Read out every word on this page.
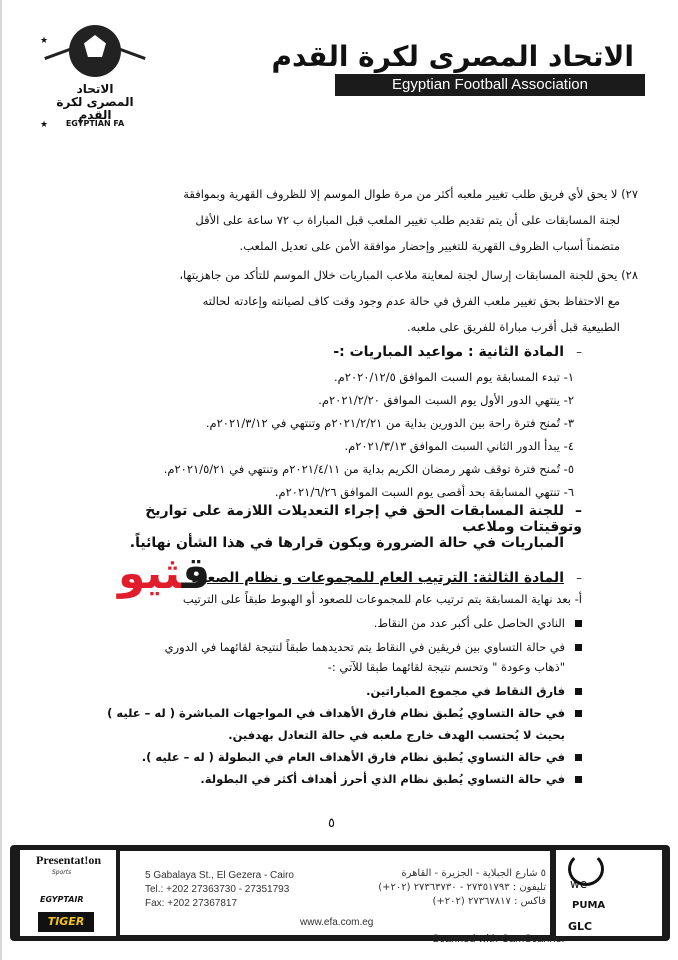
★
★
الاتحاد المصرى لكرة القدم
EGYPTIAN FA
الاتحاد المصرى لكرة القدم
Egyptian Football Association
٢٧) لا يحق لأي فريق طلب تغيير ملعبه أكثر من مرة طوال الموسم إلا للظروف القهرية وبموافقة
لجنة المسابقات على أن يتم تقديم طلب تغيير الملعب قبل المباراة ب ٧٢ ساعة على الأقل
متضمناً أسباب الظروف القهرية للتغيير وإحضار موافقة الأمن على تعديل الملعب.
٢٨) يحق للجنة المسابقات إرسال لجنة لمعاينة ملاعب المباريات خلال الموسم للتأكد من جاهزيتها،
مع الاحتفاظ بحق تغيير ملعب الفرق في حالة عدم وجود وقت كاف لصيانته وإعادته لحالته
الطبيعية قبل أقرب مباراة للفريق على ملعبه.
–المادة الثانية : مواعيد المباريات :-
١- تبدء المسابقة يوم السبت الموافق ٢٠٢٠/١٢/٥م.
٢- ينتهي الدور الأول يوم السبت الموافق ٢٠٢١/٢/٢٠م.
٣- تُمنح فترة راحة بين الدورين بداية من ٢٠٢١/٢/٢١م وتنتهي في ٢٠٢١/٣/١٢م.
٤- يبدأ الدور الثاني السبت الموافق ٢٠٢١/٣/١٣م.
٥- تُمنح فترة توقف شهر رمضان الكريم بداية من ٢٠٢١/٤/١١م وتنتهي في ٢٠٢١/٥/٢١م.
٦- تنتهي المسابقة بحد أقصى يوم السبت الموافق ٢٠٢١/٦/٢٦م.
–للجنة المسابقات الحق في إجراء التعديلات اللازمة على تواريخ وتوقيتات وملاعب
المباريات في حالة الضرورة ويكون قرارها في هذا الشأن نهائياً.
–المادة الثالثة: الترتيب العام للمجموعات و نظام الصعود
قثيو أ- بعد نهاية المسابقة يتم ترتيب عام للمجموعات للصعود أو الهبوط طبقاً على الترتيب
النادي الحاصل على أكبر عدد من النقاط.
في حالة التساوي بين فريقين في النقاط يتم تحديدهما طبقاً لنتيجة لقائهما في الدوري
"ذهاب وعودة " وتحسم نتيجة لقائهما طبقا للآتي :-
فارق النقاط في مجموع المباراتين.
في حالة التساوي يُطبق نظام فارق الأهداف في المواجهات المباشرة ( له – عليه )
بحيث لا يُحتسب الهدف خارج ملعبه في حالة التعادل بهدفين.
في حالة التساوي يُطبق نظام فارق الأهداف العام في البطولة ( له – عليه ).
في حالة التساوي يُطبق نظام الذي أحرز أهداف أكثر في البطولة.
٥
Presentat!on
Sports
EGYPTAIR
TIGER
5 Gabalaya St., El Gezera - Cairo
Tel.: +202 27363730 - 27351793
Fax: +202 27367817
٥ شارع الجبلاية - الجزيرة - القاهرة
تليفون : ٢٧٣٥١٧٩٣ - ٢٧٣٦٣٧٣٠ (٢٠٢+)
فاكس : ٢٧٣٦٧٨١٧ (٢٠٢+)
www.efa.com.eg
we
PUMA
GLC
Scanned with CamScanner
